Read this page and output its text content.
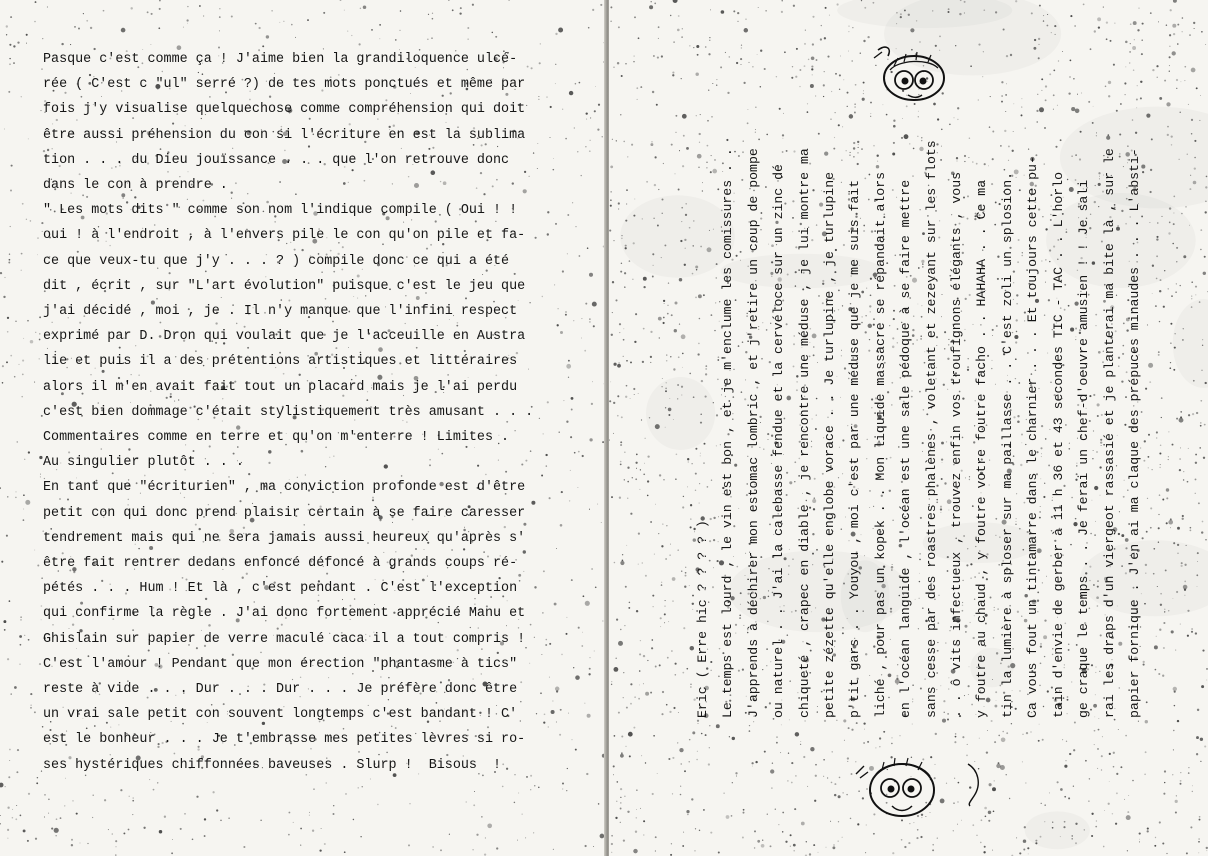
Pasque c'est comme ça ! J'aime bien la grandiloquence ulcé-
rée ( C'est c "ul" serré ?) de tes mots ponctués et même par
fois j'y visualise quelquechose comme compréhension qui doit
être aussi préhension du con si l'écriture en est la sublima
tion . . . du Dieu jouïssance . . . que l'on retrouve donc
dans le con à prendre .
" Les mots dits " comme son nom l'indique compile ( Oui ! !
oui ! à l'endroit , à l'envers pile le con qu'on pile et fa-
ce que veux-tu que j'y . . . ? ) compile donc ce qui a été
dit , écrit , sur "L'art évolution" puisque c'est le jeu que
j'ai décidé , moi , je . Il n'y manque que l'infini respect
exprimé par D. Dron qui voulait que je l'acceuille en Austra
lie et puis il a des prétentions artistiques et littéraires
alors il m'en avait fait tout un placard mais je l'ai perdu
c'est bien dommage c'était stylistiquement très amusant . . .
Commentaires comme en terre et qu'on m'enterre ! Limites .
Au singulier plutôt . . .
En tant que "écriturien" , ma conviction profonde est d'être
petit con qui donc prend plaisir certain à se faire caresser
tendrement mais qui ne sera jamais aussi heureux qu'après s'
être fait rentrer dedans enfoncé défoncé à grands coups ré-
pétés . . . Hum ! Et là , c'est pendant . C'est l'exception
qui confirme la règle . J'ai donc fortement apprécié Manu et
Ghislain sur papier de verre maculé caca il a tout compris !
C'est l'amour ! Pendant que mon érection "phantasme à tics"
reste à vide . . . Dur . . . Dur . . . Je préfère donc être
un vrai sale petit con souvent longtemps c'est bandant ! C'
est le bonheur . . . Je t'embrasse mes petites lèvres si ro-
ses hystériques chiffonnées baveuses . Slurp !  Bisous  !
Eric ( Erre hic ? ? ? ? ) Le temps est lourd , le vin est bon , et je m'enclume les comissures . . J'apprends à déchirer mon estomac lombric , et j'retire un coup de pompe ou naturel . . J'ai la calebasse fendue et la cervéloce sur un zinc dé chiqueté , crapec en diable , je rencontre une méduse , je lui montre ma petite zézette qu'elle englobe vorace . . Je turlupine , je turlupine p'tit gars . . Youyou , moi c'est par une méduse que je me suis fait liché , pour pas un kopek . . Mon liquide massacre se répandait alors en l'océan languide , l'océan est une sale pédoque à se faire mettre sans cesse par des roastres phalènes , voletant et zezeyant sur les flots . . ô vits infectueux , trouvez enfin vos troufignons élégants , vous y foutre au chaud , y foutre votre foutre facho . . HAHAHA . . Ce ma tin la lumière à sploser sur ma paillasse . . C'est zoli un splosion. Ca vous fout un tintamarre dans le charnier . . . Et toujours cette pu- tain d'envie de gerber à 11 h 36 et 43 secondes TIC - TAC . . L'horlo ge craque le temps . . Je ferai un chef-d'oeuvre amusien ! ! Je sali rai les draps d'un viergeot rassasié et je planterai ma bite là , sur le papier fornique . J'en ai ma claque des prépuces minaudes . . . L'absti-
